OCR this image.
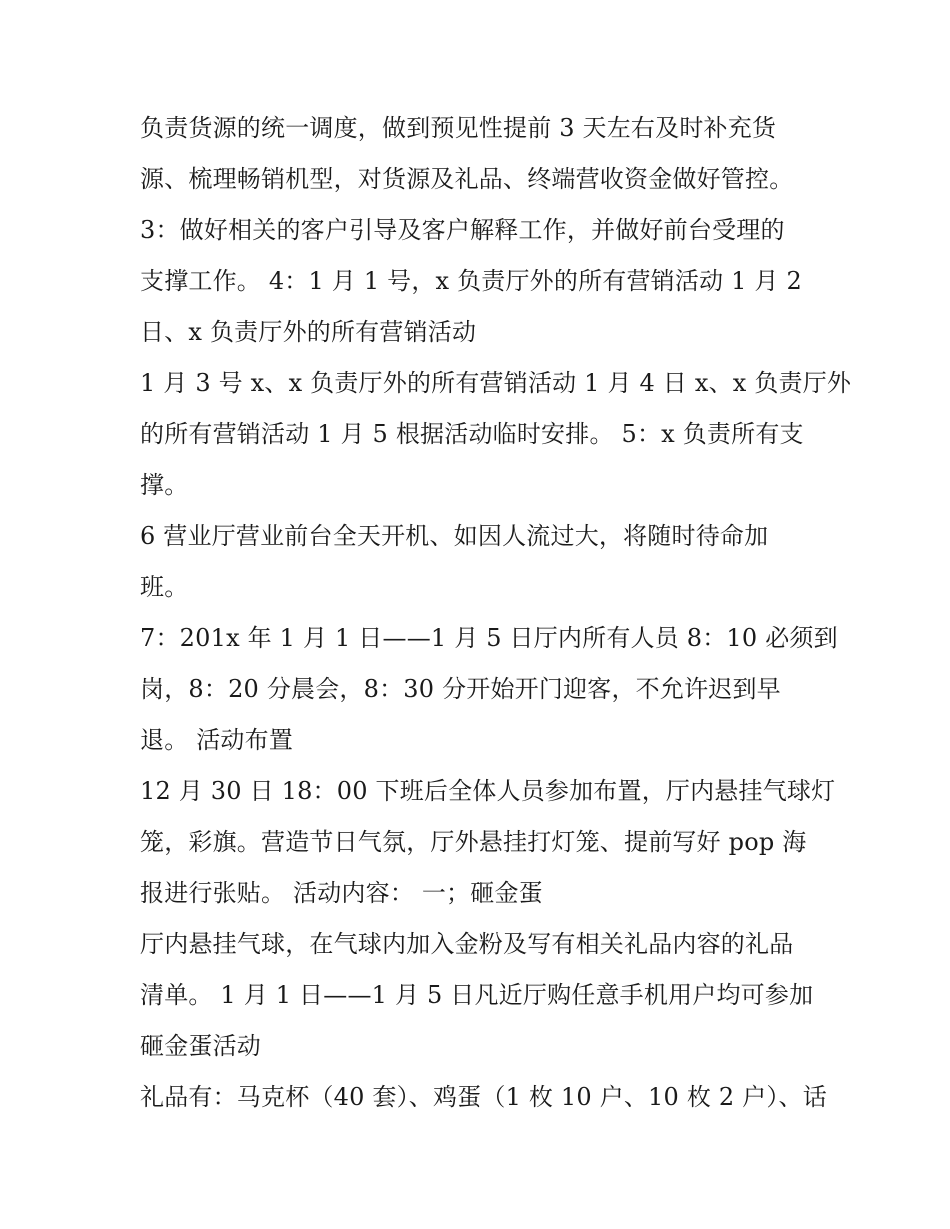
负责货源的统一调度，做到预见性提前 3 天左右及时补充货
源、梳理畅销机型，对货源及礼品、终端营收资金做好管控。
3：做好相关的客户引导及客户解释工作，并做好前台受理的
支撑工作。 4：1 月 1 号，x 负责厅外的所有营销活动 1 月 2
日、x 负责厅外的所有营销活动
1 月 3 号 x、x 负责厅外的所有营销活动 1 月 4 日 x、x 负责厅外
的所有营销活动 1 月 5 根据活动临时安排。 5：x 负责所有支
撑。
6 营业厅营业前台全天开机、如因人流过大，将随时待命加
班。
7：201x 年 1 月 1 日——1 月 5 日厅内所有人员 8：10 必须到
岗，8：20 分晨会，8：30 分开始开门迎客，不允许迟到早
退。 活动布置
12 月 30 日 18：00 下班后全体人员参加布置，厅内悬挂气球灯
笼，彩旗。营造节日气氛，厅外悬挂打灯笼、提前写好 pop 海
报进行张贴。 活动内容： 一；砸金蛋
厅内悬挂气球，在气球内加入金粉及写有相关礼品内容的礼品
清单。 1 月 1 日——1 月 5 日凡近厅购任意手机用户均可参加
砸金蛋活动
礼品有：马克杯（40 套）、鸡蛋（1 枚 10 户、10 枚 2 户）、话
